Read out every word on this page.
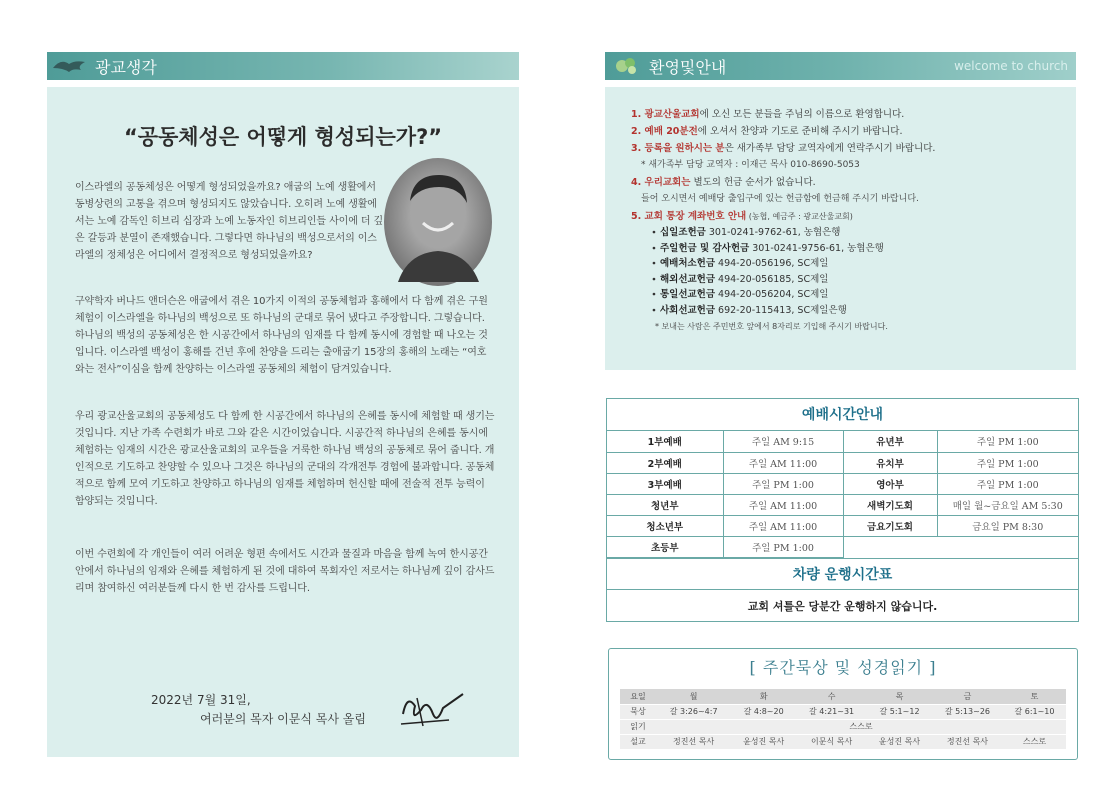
광교생각
“공동체성은 어떻게 형성되는가?”

이스라엘의 공동체성은 어떻게 형성되었을까요? 애굽의 노예 생활에서 동병상련의 고통을 겪으며 형성되지도 않았습니다. 오히려 노예 생활에서는 노예 감독인 히브리 십장과 노예 노동자인 히브리인들 사이에 더 깊은 갈등과 분열이 존재했습니다. 그렇다면 하나님의 백성으로서의 이스라엘의 정체성은 어디에서 결정적으로 형성되었을까요?

구약학자 버나드 앤더슨은 애굽에서 겪은 10가지 이적의 공동체험과 홍해에서 다 함께 겪은 구원체험이 이스라엘을 하나님의 백성으로 또 하나님의 군대로 묶어 냈다고 주장합니다. 그렇습니다. 하나님의 백성의 공동체성은 한 시공간에서 하나님의 임재를 다 함께 동시에 경험할 때 나오는 것입니다. 이스라엘 백성이 홍해를 건넌 후에 찬양을 드리는 출애굽기 15장의 홍해의 노래는 “여호와는 전사”이심을 함께 찬양하는 이스라엘 공동체의 체험이 담겨있습니다.

우리 광교산울교회의 공동체성도 다 함께 한 시공간에서 하나님의 은혜를 동시에 체험할 때 생기는 것입니다. 지난 가족 수련회가 바로 그와 같은 시간이었습니다. 시공간적 하나님의 은혜를 동시에 체험하는 임재의 시간은 광교산울교회의 교우들을 거룩한 하나님 백성의 공동체로 묶어 줍니다. 개인적으로 기도하고 찬양할 수 있으나 그것은 하나님의 군대의 각개전투 경험에 불과합니다. 공동체적으로 함께 모여 기도하고 찬양하고 하나님의 임재를 체험하며 헌신할 때에 전술적 전투 능력이 함양되는 것입니다.

이번 수련회에 각 개인들이 여러 어려운 형편 속에서도 시간과 물질과 마음을 함께 녹여 한시공간 안에서 하나님의 임재와 은혜를 체험하게 된 것에 대하여 목회자인 저로서는 하나님께 깊이 감사드리며 참여하신 여러분들께 다시 한 번 감사를 드립니다.

2022년 7월 31일,
여러분의 목자 이문식 목사 올림
환영및안내	welcome to church
1. 광교산울교회에 오신 모든 분들을 주님의 이름으로 환영합니다.
2. 예배 20분전에 오셔서 찬양과 기도로 준비해 주시기 바랍니다.
3. 등록을 원하시는 분은 새가족부 담당 교역자에게 연락주시기 바랍니다.
* 새가족부 담당 교역자 : 이재근 목사 010-8690-5053
4. 우리교회는 별도의 헌금 순서가 없습니다.
들어 오시면서 예배당 출입구에 있는 헌금함에 헌금해 주시기 바랍니다.
5. 교회 통장 계좌번호 안내 (농협, 예금주 : 광교산울교회)
∙ 십일조헌금 301-0241-9762-61, 농협은행
∙ 주일헌금 및 감사헌금 301-0241-9756-61, 농협은행
∙ 예배처소헌금 494-20-056196, SC제일
∙ 해외선교헌금 494-20-056185, SC제일
∙ 통일선교헌금 494-20-056204, SC제일
∙ 사회선교헌금 692-20-115413, SC제일은행
* 보내는 사람은 주민번호 앞에서 8자리로 기입해 주시기 바랍니다.
예배시간안내
1부예배	주일 AM 9:15	유년부	주일 PM 1:00
2부예배	주일 AM 11:00	유치부	주일 PM 1:00
3부예배	주일 PM 1:00	영아부	주일 PM 1:00
청년부	주일 AM 11:00	새벽기도회	매일 월~금요일 AM 5:30
청소년부	주일 AM 11:00	금요기도회	금요일 PM 8:30
초등부	주일 PM 1:00		
차량 운행시간표
교회 셔틀은 당분간 운행하지 않습니다.
[ 주간묵상 및 성경읽기 ]
요일	월	화	수	목	금	토
묵상	갈 3:26~4:7	갈 4:8~20	갈 4:21~31	갈 5:1~12	갈 5:13~26	갈 6:1~10
읽기	스스로					
설교	정진선 목사	윤성진 목사	이문식 목사	윤성진 목사	정진선 목사	스스로
